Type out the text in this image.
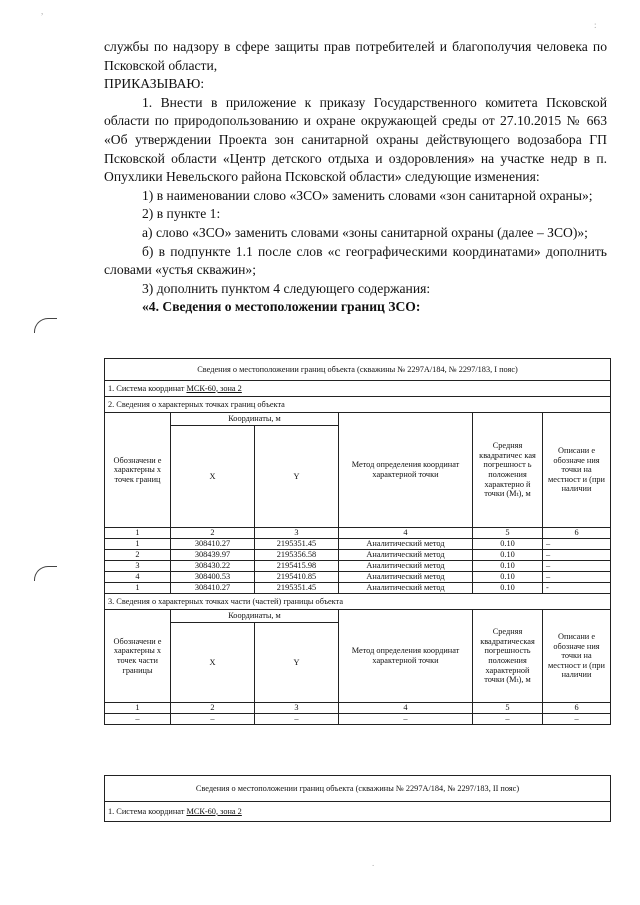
,
:

службы по надзору в сфере защиты прав потребителей и благополучия человека по Псковской области,

ПРИКАЗЫВАЮ:

1. Внести в приложение к приказу Государственного комитета Псковской области по природопользованию и охране окружающей среды от 27.10.2015 № 663 «Об утверждении Проекта зон санитарной охраны действующего водозабора ГП Псковской области «Центр детского отдыха и оздоровления» на участке недр в п. Опухлики Невельского района Псковской области» следующие изменения:

1) в наименовании слово «ЗСО» заменить словами «зон санитарной охраны»;

2) в пункте 1:

а) слово «ЗСО» заменить словами «зоны санитарной охраны (далее – ЗСО)»;

б) в подпункте 1.1 после слов «с географическими координатами» дополнить словами «устья скважин»;

3) дополнить пунктом 4 следующего содержания:

«4. Сведения о местоположении границ ЗСО:

Сведения о местоположении границ объекта (скважины № 2297А/184, № 2297/183, I пояс)					
1. Система координат МСК-60, зона 2					
2. Сведения о характерных точках границ объекта					
Обозначени е характерны х точек границ	Координаты, м		Метод определения координат характерной точки	Средняя квадратичес кая погрешност ь положения характерно й точки (Mₜ), м	Описани е обозначе ния точки на местност и (при наличии
	X	Y			
1	2	3	4	5	6
1	308410.27	2195351.45	Аналитический метод	0.10	–
2	308439.97	2195356.58	Аналитический метод	0.10	–
3	308430.22	2195415.98	Аналитический метод	0.10	–
4	308400.53	2195410.85	Аналитический метод	0.10	–
1	308410.27	2195351.45	Аналитический метод	0.10	-
3. Сведения о характерных точках части (частей) границы объекта					
Обозначени е характерны х точек части границы	Координаты, м		Метод определения координат характерной точки	Средняя квадратическая погрешность положения характерной точки (Mₜ), м	Описани е обозначе ния точки на местност и (при наличии
	X	Y			
1	2	3	4	5	6
–	–	–	–	–	–
Сведения о местоположении границ объекта (скважины № 2297А/184, № 2297/183, II пояс)
1. Система координат МСК-60, зона 2
.
